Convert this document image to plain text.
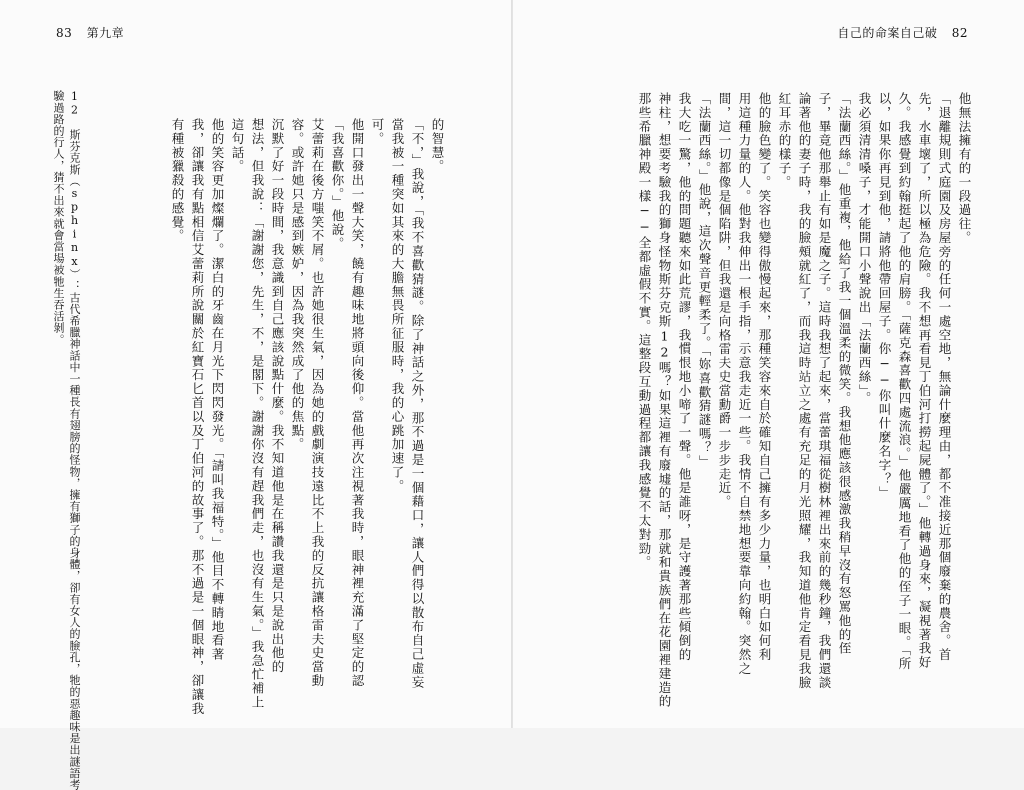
83 第九章
的智慧。
「不，」我說，「我不喜歡猜謎。除了神話之外，那不過是一個藉口，讓人們得以散布自己虛妄
當我被一種突如其來的大膽無畏所征服時，我的心跳加速了。
可。
他開口發出一聲大笑，饒有趣味地將頭向後仰。當他再次注視著我時，眼神裡充滿了堅定的認
「我喜歡你。」他說。
艾蕾莉在後方嗤笑不屑。也許她很生氣，因為她的戲劇演技遠比不上我的反抗讓格雷夫史當動
容。或許她只是感到嫉妒，因為我突然成了他的焦點。
沉默了好一段時間，我意識到自己應該說點什麼。我不知道他是在稱讚我還是只是說出他的
想法，但我說：「謝謝您，先生，不，是閣下。謝謝你沒有趕我們走，也沒有生氣。」我急忙補上
這句話。
他的笑容更加燦爛了。潔白的牙齒在月光下閃閃發光。「請叫我福特。」他目不轉睛地看著
我，卻讓我有點相信艾蕾莉所說關於紅寶石匕首以及丁伯河的故事了。那不過是一個眼神，卻讓我
有種被獵殺的感覺。
12　斯芬克斯（sphinx）：古代希臘神話中一種長有翅膀的怪物，擁有獅子的身體，卻有女人的臉孔，牠的惡趣味是出謎語考
驗過路的行人，猜不出來就會當場被牠生吞活剝。
自己的命案自己破 82
他無法擁有的一段過往。
「退離規則式庭園及房屋旁的任何一處空地，無論什麼理由，都不准接近那個廢棄的農舍。首
先，水車壞了，所以極為危險。我不想再看見丁伯河打撈起屍體了。」他轉過身來，凝視著我好
久。我感覺到約翰挺起了他的肩膀。「薩克森喜歡四處流浪。」他嚴厲地看了他的侄子一眼。「所
以，如果你再見到他，請將他帶回屋子。你──你叫什麼名字？」
我必須清清嗓子，才能開口小聲說出「法蘭西絲」。
「法蘭西絲。」他重複，他給了我一個溫柔的微笑。我想他應該很感激我稍早沒有怒罵他的侄
子，畢竟他那舉止有如是魔之子。這時我想了起來，當蕾琪福從樹林裡出來前的幾秒鐘，我們還談
論著他的妻子時，我的臉頰就紅了，而我這時站立之處有充足的月光照耀，我知道他肯定看見我臉
紅耳赤的樣子。
他的臉色變了。笑容也變得傲慢起來，那種笑容來自於確知自己擁有多少力量，也明白如何利
用這種力量的人。他對我伸出一根手指，示意我走近一些。我情不自禁地想要靠向約翰。突然之
間，這一切都像是個陷阱，但我還是向格雷夫史當勳爵一步步走近。
「法蘭西絲。」他說，這次聲音更輕柔了。「妳喜歡猜謎嗎？」
我大吃一驚，他的問題聽來如此荒謬，我慣恨地小啼了一聲。他是誰呀，是守護著那些傾倒的
神柱，想要考驗我的獅身怪物斯芬克斯12嗎？如果這裡有廢墟的話，那就和貴族們在花園裡建造的
那些希臘神殿一樣──全都虛假不實。這整段互動過程都讓我感覺不太對勁。
